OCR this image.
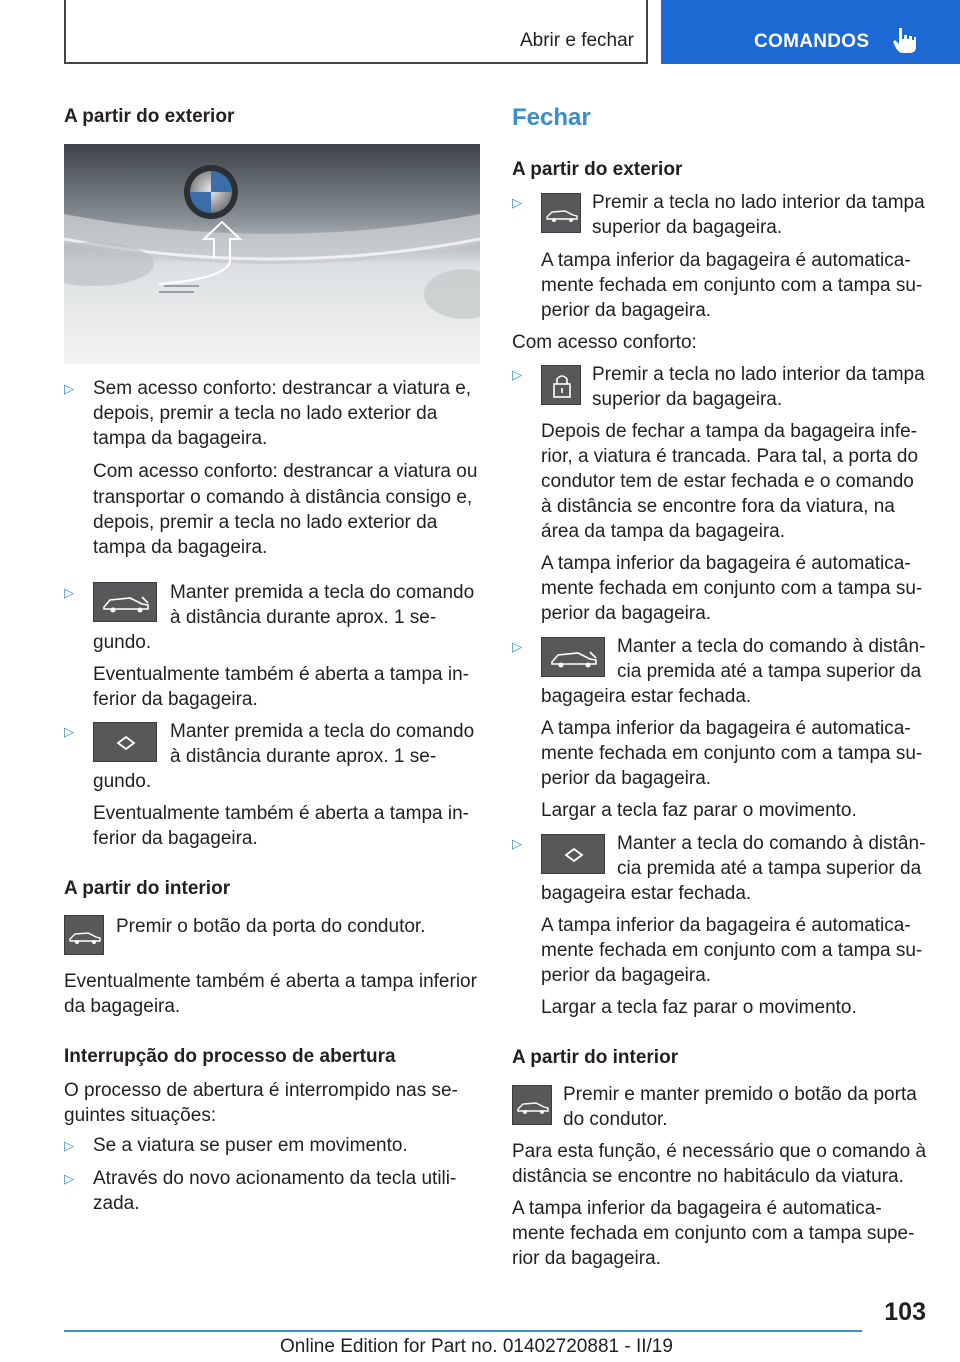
Abrir e fechar	COMANDOS
A partir do exterior
▷ Sem acesso conforto: destrancar a viatura e,
depois, premir a tecla no lado exterior da
tampa da bagageira.
Com acesso conforto: destrancar a viatura ou
transportar o comando à distância consigo e,
depois, premir a tecla no lado exterior da
tampa da bagageira.
▷	Manter premida a tecla do comando
à distância durante aprox. 1 se‐
gundo.
Eventualmente também é aberta a tampa in‐
ferior da bagageira.
▷	Manter premida a tecla do comando
à distância durante aprox. 1 se‐
gundo.
Eventualmente também é aberta a tampa in‐
ferior da bagageira.
A partir do interior
Premir o botão da porta do condutor.
Eventualmente também é aberta a tampa inferior
da bagageira.
Interrupção do processo de abertura
O processo de abertura é interrompido nas se‐
guintes situações:
▷ Se a viatura se puser em movimento.
▷ Através do novo acionamento da tecla utili‐
zada.
Fechar
A partir do exterior
▷	Premir a tecla no lado interior da tampa
superior da bagageira.
A tampa inferior da bagageira é automatica‐
mente fechada em conjunto com a tampa su‐
perior da bagageira.
Com acesso conforto:
▷	Premir a tecla no lado interior da tampa
superior da bagageira.
Depois de fechar a tampa da bagageira infe‐
rior, a viatura é trancada. Para tal, a porta do
condutor tem de estar fechada e o comando
à distância se encontre fora da viatura, na
área da tampa da bagageira.
A tampa inferior da bagageira é automatica‐
mente fechada em conjunto com a tampa su‐
perior da bagageira.
▷	Manter a tecla do comando à distân‐
cia premida até a tampa superior da
bagageira estar fechada.
A tampa inferior da bagageira é automatica‐
mente fechada em conjunto com a tampa su‐
perior da bagageira.
Largar a tecla faz parar o movimento.
▷	Manter a tecla do comando à distân‐
cia premida até a tampa superior da
bagageira estar fechada.
A tampa inferior da bagageira é automatica‐
mente fechada em conjunto com a tampa su‐
perior da bagageira.
Largar a tecla faz parar o movimento.
A partir do interior
Premir e manter premido o botão da porta
do condutor.
Para esta função, é necessário que o comando à
distância se encontre no habitáculo da viatura.
A tampa inferior da bagageira é automatica‐
mente fechada em conjunto com a tampa supe‐
rior da bagageira.
103
Online Edition for Part no. 01402720881 - II/19
